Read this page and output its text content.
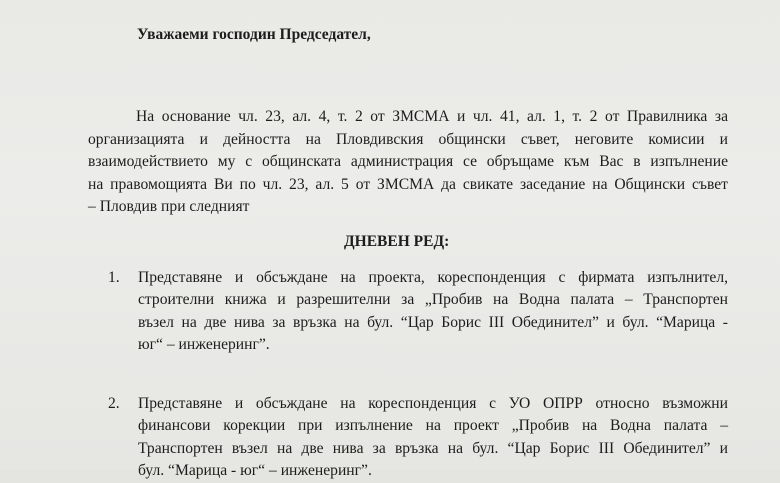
Уважаеми господин Председател,
На основание чл. 23, ал. 4, т. 2 от ЗМСМА и чл. 41, ал. 1, т. 2 от Правилника за
организацията и дейността на Пловдивския общински съвет, неговите комисии и
взаимодействието му с общинската администрация се обръщаме към Вас в изпълнение
на правомощията Ви по чл. 23, ал. 5 от ЗМСМА да свикате заседание на Общински съвет
– Пловдив при следният
ДНЕВЕН РЕД:
1. Представяне и обсъждане на проекта, кореспонденция с фирмата изпълнител,
строителни книжа и разрешителни за „Пробив на Водна палата – Транспортен
възел на две нива за връзка на бул. “Цар Борис III Обединител” и бул. “Марица -
юг“ – инженеринг”.
2. Представяне и обсъждане на кореспонденция с УО ОПРР относно възможни
финансови корекции при изпълнение на проект „Пробив на Водна палата –
Транспортен възел на две нива за връзка на бул. “Цар Борис III Обединител” и
бул. “Марица - юг“ – инженеринг”.
